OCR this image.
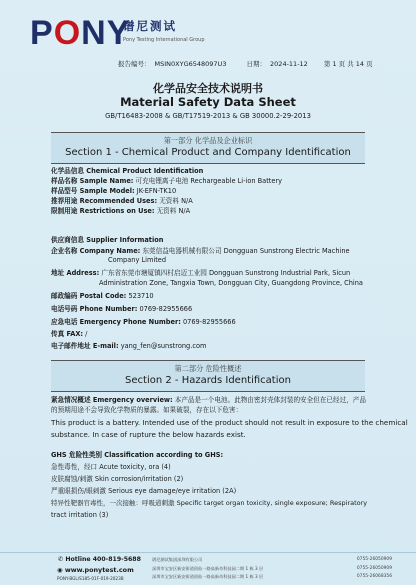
PONY
谱尼测试
Pony Testing International Group
报告编号： MSIN0XYG6548097U3	日期： 2024-11-12 第 1 页 共 14 页
化学品安全技术说明书
Material Safety Data Sheet
GB/T16483-2008 & GB/T17519-2013 & GB 30000.2-29-2013
第一部分 化学品及企业标识
Section 1 - Chemical Product and Company Identification
化学品信息 Chemical Product Identification
样品名称 Sample Name: 可充电锂离子电池 Rechargeable Li-ion Battery
样品型号 Sample Model: JK-EFN-TK10
推荐用途 Recommended Uses: 无资料 N/A
限制用途 Restrictions on Use: 无资料 N/A
供应商信息 Supplier Information
企业名称 Company Name: 东莞信益电器机械有限公司 Dongguan Sunstrong Electric Machine
Company Limited
地址 Address: 广东省东莞市塘厦镇四村启迈工业园 Dongguan Sunstrong Industrial Park, Sicun
Administration Zone, Tangxia Town, Dongguan City, Guangdong Province, China
邮政编码 Postal Code: 523710
电话号码 Phone Number: 0769-82955666
应急电话 Emergency Phone Number: 0769-82955666
传真 FAX: /
电子邮件地址 E-mail: yang_fen@sunstrong.com
第二部分 危险性概述
Section 2 - Hazards Identification
紧急情况概述 Emergency overview: 本产品是一个电池。此物由密封壳体封装的安全但在已经过，产品
的预期用途不会导致化学物质的暴露。如果破裂，存在以下危害：
This product is a battery. Intended use of the product should not result in exposure to the chemical
substance. In case of rupture the below hazards exist.
GHS 危险性类别 Classification according to GHS:
急性毒性，经口 Acute toxicity, ora (4)
皮肤腐蚀/刺激 Skin corrosion/irritation (2)
严重眼损伤/眼刺激 Serious eye damage/eye irritation (2A)
特异性靶器官毒性，一次接触：呼吸道刺激 Specific target organ toxicity, single exposure; Respiratory
tract irritation (3)
✆ Hotline 400-819-5688
◉ www.ponytest.com
PONY-BGL/S185-01F-019-2023B
谱尼测试集团深圳有限公司
深圳市宝安区新安街道留仙一路高新奇科技园二期 1 栋 3 层
深圳市宝安区新安街道留仙一路高新奇科技园二期 1 栋 3 层
0755-26050909
0755-26050909
0755-26068356
